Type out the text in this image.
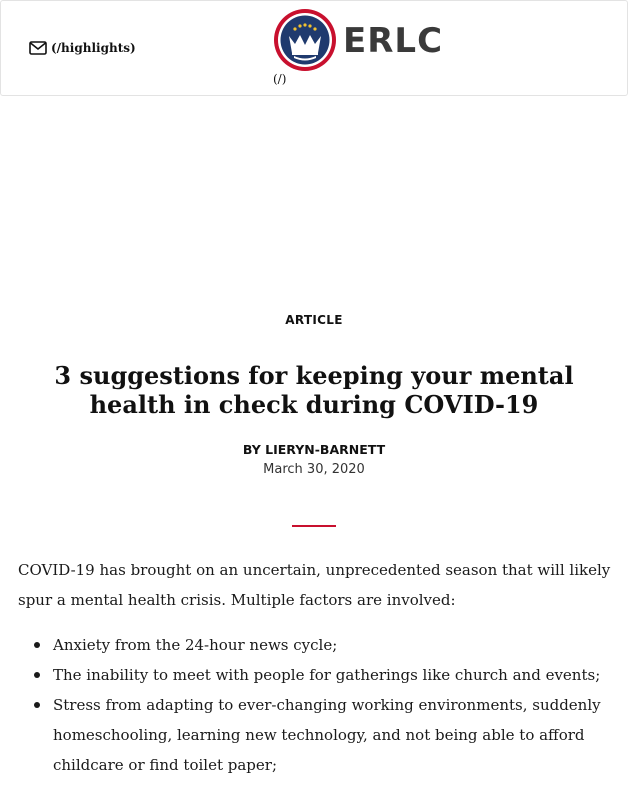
(/highlights)	ERLC
(/)
ARTICLE
3 suggestions for keeping your mental health in check during COVID-19
BY LIERYN-BARNETT
March 30, 2020

COVID-19 has brought on an uncertain, unprecedented season that will likely spur a mental health crisis. Multiple factors are involved:

Anxiety from the 24-hour news cycle;
The inability to meet with people for gatherings like church and events;
Stress from adapting to ever-changing working environments, suddenly homeschooling, learning new technology, and not being able to afford childcare or find toilet paper;
